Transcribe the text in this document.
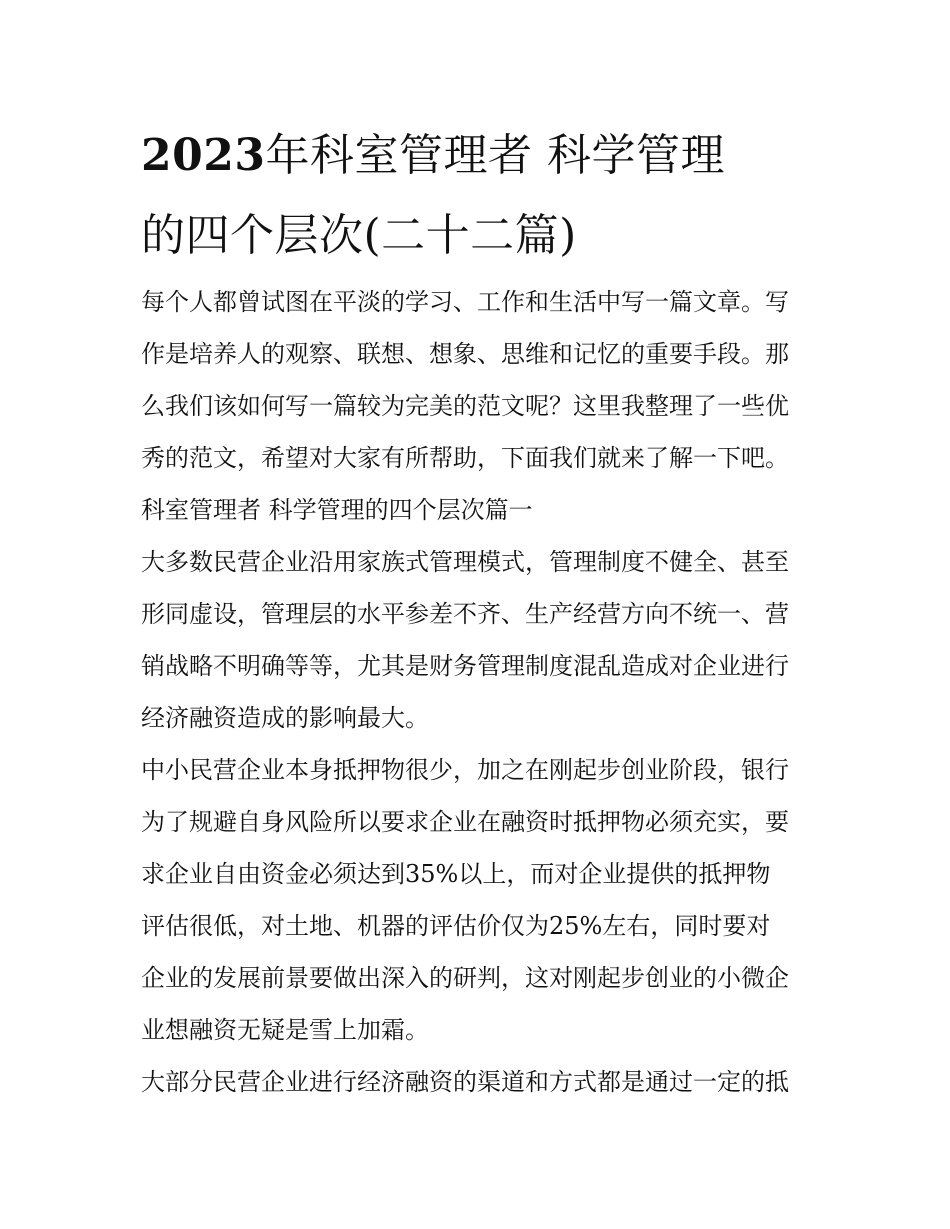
2023年科室管理者 科学管理
的四个层次(二十二篇)
每个人都曾试图在平淡的学习、工作和生活中写一篇文章。写
作是培养人的观察、联想、想象、思维和记忆的重要手段。那
么我们该如何写一篇较为完美的范文呢？这里我整理了一些优
秀的范文，希望对大家有所帮助，下面我们就来了解一下吧。
科室管理者 科学管理的四个层次篇一
大多数民营企业沿用家族式管理模式，管理制度不健全、甚至
形同虚设，管理层的水平参差不齐、生产经营方向不统一、营
销战略不明确等等，尤其是财务管理制度混乱造成对企业进行
经济融资造成的影响最大。
中小民营企业本身抵押物很少，加之在刚起步创业阶段，银行
为了规避自身风险所以要求企业在融资时抵押物必须充实，要
求企业自由资金必须达到35%以上，而对企业提供的抵押物
评估很低，对土地、机器的评估价仅为25%左右，同时要对
企业的发展前景要做出深入的研判，这对刚起步创业的小微企
业想融资无疑是雪上加霜。
大部分民营企业进行经济融资的渠道和方式都是通过一定的抵
